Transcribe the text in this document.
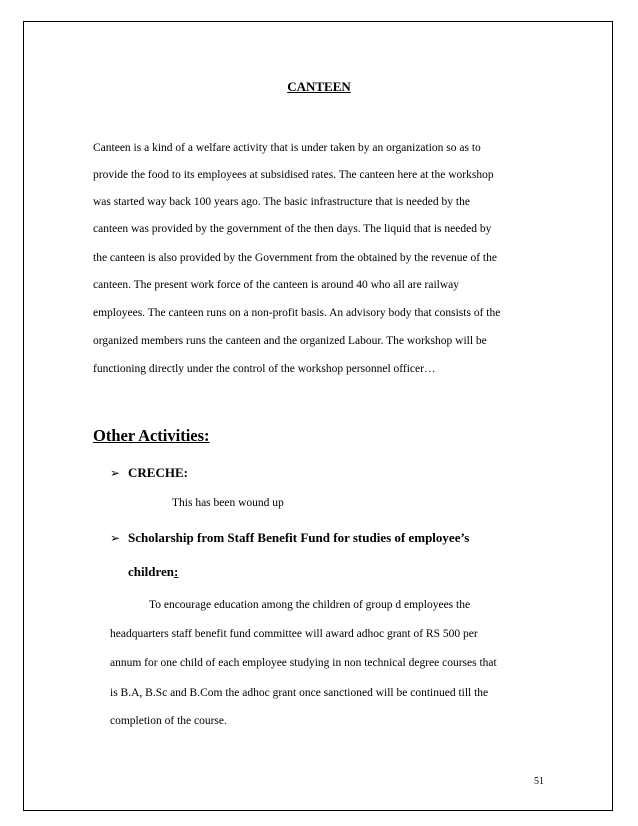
CANTEEN
Canteen is a kind of a welfare activity that is under taken by an organization so as to
provide the food to its employees at subsidised rates. The canteen here at the workshop
was started way back 100 years ago. The basic infrastructure that is needed by the
canteen was provided by the government of the then days. The liquid that is needed by
the canteen is also provided by the Government from the obtained by the revenue of the
canteen. The present work force of the canteen is around 40 who all are railway
employees. The canteen runs on a non-profit basis. An advisory body that consists of the
organized members runs the canteen and the organized Labour. The workshop will be
functioning directly under the control of the workshop personnel officer…
Other Activities:
➢ CRECHE:
This has been wound up
➢ Scholarship from Staff Benefit Fund for studies of employee’s
children:
To encourage education among the children of group d employees the
headquarters staff benefit fund committee will award adhoc grant of RS 500 per
annum for one child of each employee studying in non technical degree courses that
is B.A, B.Sc and B.Com the adhoc grant once sanctioned will be continued till the
completion of the course.
51
